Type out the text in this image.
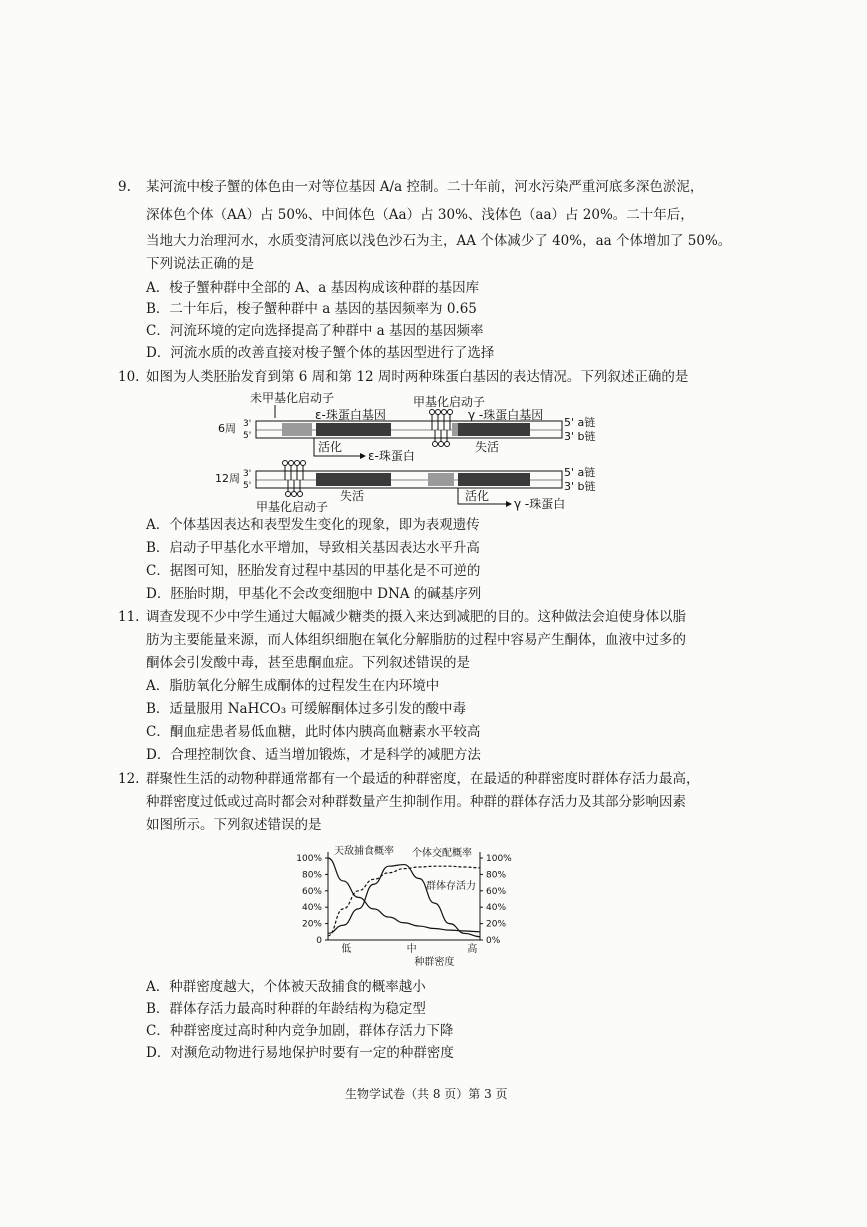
9. 某河流中梭子蟹的体色由一对等位基因 A/a 控制。二十年前，河水污染严重河底多深色淤泥，
深体色个体（AA）占 50%、中间体色（Aa）占 30%、浅体色（aa）占 20%。二十年后，
当地大力治理河水，水质变清河底以浅色沙石为主，AA 个体减少了 40%，aa 个体增加了 50%。
下列说法正确的是
A．梭子蟹种群中全部的 A、a 基因构成该种群的基因库
B．二十年后，梭子蟹种群中 a 基因的基因频率为 0.65
C．河流环境的定向选择提高了种群中 a 基因的基因频率
D．河流水质的改善直接对梭子蟹个体的基因型进行了选择
10. 如图为人类胚胎发育到第 6 周和第 12 周时两种珠蛋白基因的表达情况。下列叙述正确的是
未甲基化启动子
ε-珠蛋白基因
甲基化启动子
γ -珠蛋白基因
6周 3'
5'
5' a链
3' b链
活化	失活
ε-珠蛋白
12周 3'
5'
5' a链
3' b链
失活	活化
γ -珠蛋白
甲基化启动子
A．个体基因表达和表型发生变化的现象，即为表观遗传
B．启动子甲基化水平增加，导致相关基因表达水平升高
C．据图可知，胚胎发育过程中基因的甲基化是不可逆的
D．胚胎时期，甲基化不会改变细胞中 DNA 的碱基序列
11. 调查发现不少中学生通过大幅减少糖类的摄入来达到减肥的目的。这种做法会迫使身体以脂
肪为主要能量来源，而人体组织细胞在氧化分解脂肪的过程中容易产生酮体，血液中过多的
酮体会引发酸中毒，甚至患酮血症。下列叙述错误的是
A．脂肪氧化分解生成酮体的过程发生在内环境中
B．适量服用 NaHCO₃ 可缓解酮体过多引发的酸中毒
C．酮血症患者易低血糖，此时体内胰高血糖素水平较高
D．合理控制饮食、适当增加锻炼，才是科学的减肥方法
12. 群聚性生活的动物种群通常都有一个最适的种群密度，在最适的种群密度时群体存活力最高，
种群密度过低或过高时都会对种群数量产生抑制作用。种群的群体存活力及其部分影响因素
如图所示。下列叙述错误的是
100%
80%
60%
40%
20%
0
100%
80%
60%
40%
20%
0%
低	中	高
种群密度
天敌捕食概率 个体交配概率
群体存活力
A．种群密度越大，个体被天敌捕食的概率越小
B．群体存活力最高时种群的年龄结构为稳定型
C．种群密度过高时种内竞争加剧，群体存活力下降
D．对濒危动物进行易地保护时要有一定的种群密度
生物学试卷（共 8 页）第 3 页
